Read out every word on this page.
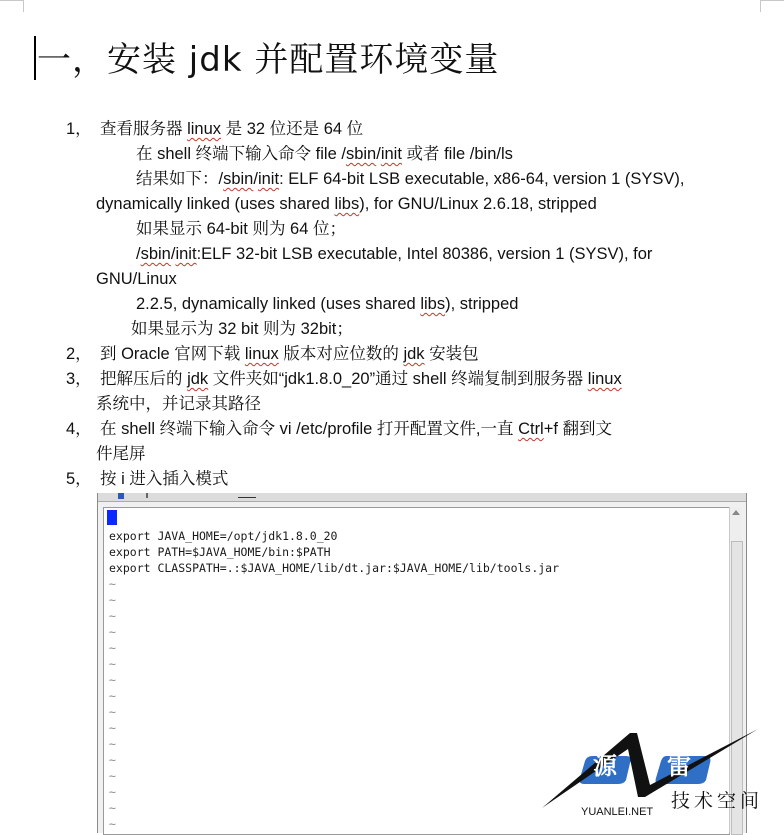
一，安装 jdk 并配置环境变量
1， 查看服务器 linux 是 32 位还是 64 位
在 shell 终端下输入命令 file /sbin/init 或者 file /bin/ls
结果如下：/sbin/init: ELF 64-bit LSB executable, x86-64, version 1 (SYSV),
dynamically linked (uses shared libs), for GNU/Linux 2.6.18, stripped
如果显示 64-bit 则为 64 位；
/sbin/init:ELF 32-bit LSB executable, Intel 80386, version 1 (SYSV), for
GNU/Linux
2.2.5, dynamically linked (uses shared libs), stripped
如果显示为 32 bit 则为 32bit；
2， 到 Oracle 官网下载 linux 版本对应位数的 jdk 安装包
3， 把解压后的 jdk 文件夹如“jdk1.8.0_20”通过 shell 终端复制到服务器 linux
系统中，并记录其路径
4， 在 shell 终端下输入命令 vi /etc/profile 打开配置文件,一直 Ctrl+f 翻到文
件尾屏
5， 按 i 进入插入模式
export JAVA_HOME=/opt/jdk1.8.0_20
export PATH=$JAVA_HOME/bin:$PATH
export CLASSPATH=.:$JAVA_HOME/lib/dt.jar:$JAVA_HOME/lib/tools.jar
~
~
~
~
~
~
~
~
~
~
~
~
~
~
~
~
源 雷
技术空间
YUANLEI.NET
